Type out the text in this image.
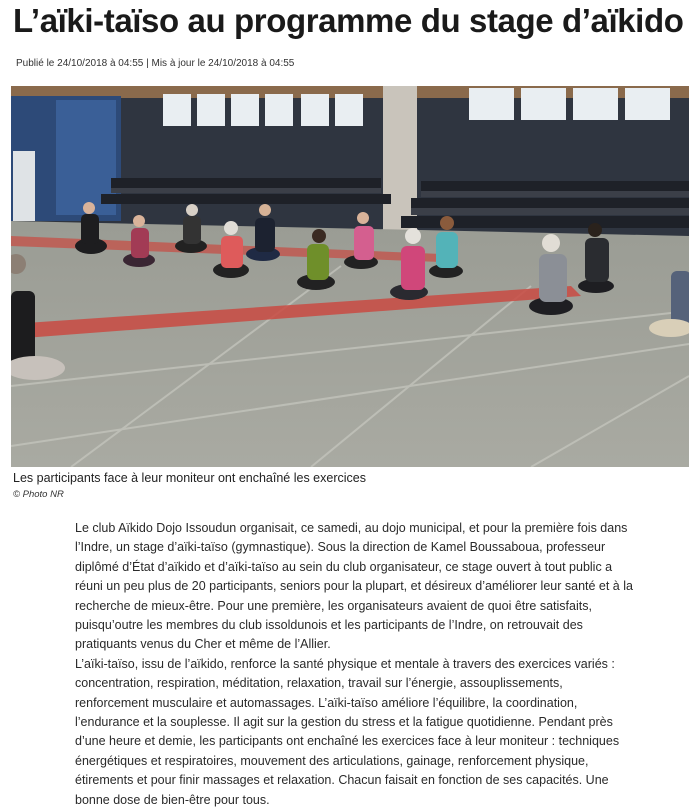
L’aïki-taïso au programme du stage d’aïkido
Publié le 24/10/2018 à 04:55 | Mis à jour le 24/10/2018 à 04:55
Les participants face à leur moniteur ont enchaîné les exercices
© Photo NR

Le club Aïkido Dojo Issoudun organisait, ce samedi, au dojo municipal, et pour la première fois dans l’Indre, un stage d’aïki-taïso (gymnastique). Sous la direction de Kamel Boussaboua, professeur diplômé d’État d’aïkido et d’aïki-taïso au sein du club organisateur, ce stage ouvert à tout public a réuni un peu plus de 20 participants, seniors pour la plupart, et désireux d’améliorer leur santé et à la recherche de mieux-être. Pour une première, les organisateurs avaient de quoi être satisfaits, puisqu’outre les membres du club issoldunois et les participants de l’Indre, on retrouvait des pratiquants venus du Cher et même de l’Allier.

L’aïki-taïso, issu de l’aïkido, renforce la santé physique et mentale à travers des exercices variés : concentration, respiration, méditation, relaxation, travail sur l’énergie, assouplissements, renforcement musculaire et automassages. L’aïki-taïso améliore l’équilibre, la coordination, l’endurance et la souplesse. Il agit sur la gestion du stress et la fatigue quotidienne. Pendant près d’une heure et demie, les participants ont enchaîné les exercices face à leur moniteur : techniques énergétiques et respiratoires, mouvement des articulations, gainage, renforcement physique, étirements et pour finir massages et relaxation. Chacun faisait en fonction de ses capacités. Une bonne dose de bien-être pour tous.
